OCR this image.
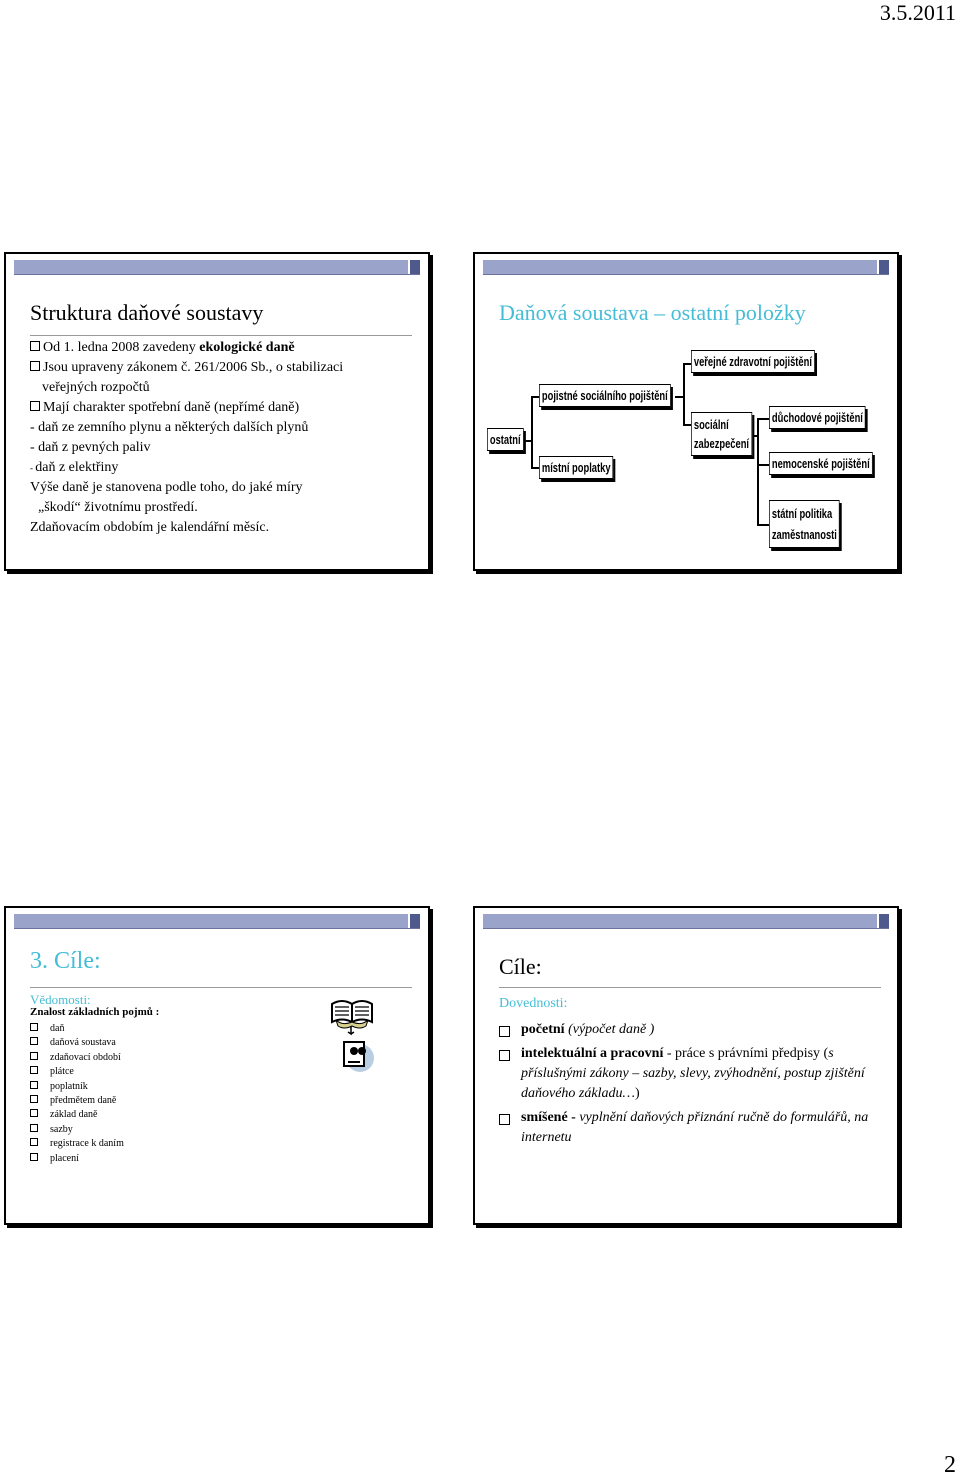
3.5.2011
Struktura daňové soustavy
Od 1. ledna 2008 zavedeny ekologické daně
Jsou upraveny zákonem č. 261/2006 Sb., o stabilizaci
veřejných rozpočtů
Mají charakter spotřební daně (nepřímé daně)
- daň ze zemního plynu a některých dalších plynů
- daň z pevných paliv
- daň z elektřiny
Výše daně je stanovena podle toho, do jaké míry
„škodí“ životnímu prostředí.
Zdaňovacím obdobím je kalendářní měsíc.
Daňová soustava – ostatní položky
ostatní
pojistné sociálního pojištění
místní poplatky
veřejné zdravotní pojištění
sociální
zabezpečení
důchodové pojištění
nemocenské pojištění
státní politika
zaměstnanosti
3. Cíle:
Vědomosti:
Znalost základních pojmů :
daň
daňová soustava
zdaňovací období
plátce
poplatník
předmětem daně
základ daně
sazby
registrace k daním
placení
Cíle:
Dovednosti:
početní (výpočet daně )
intelektuální a pracovní - práce s právními předpisy (s příslušnými zákony – sazby, slevy, zvýhodnění, postup zjištění daňového základu…)
smíšené - vyplnění daňových přiznání ručně do formulářů, na internetu
2
